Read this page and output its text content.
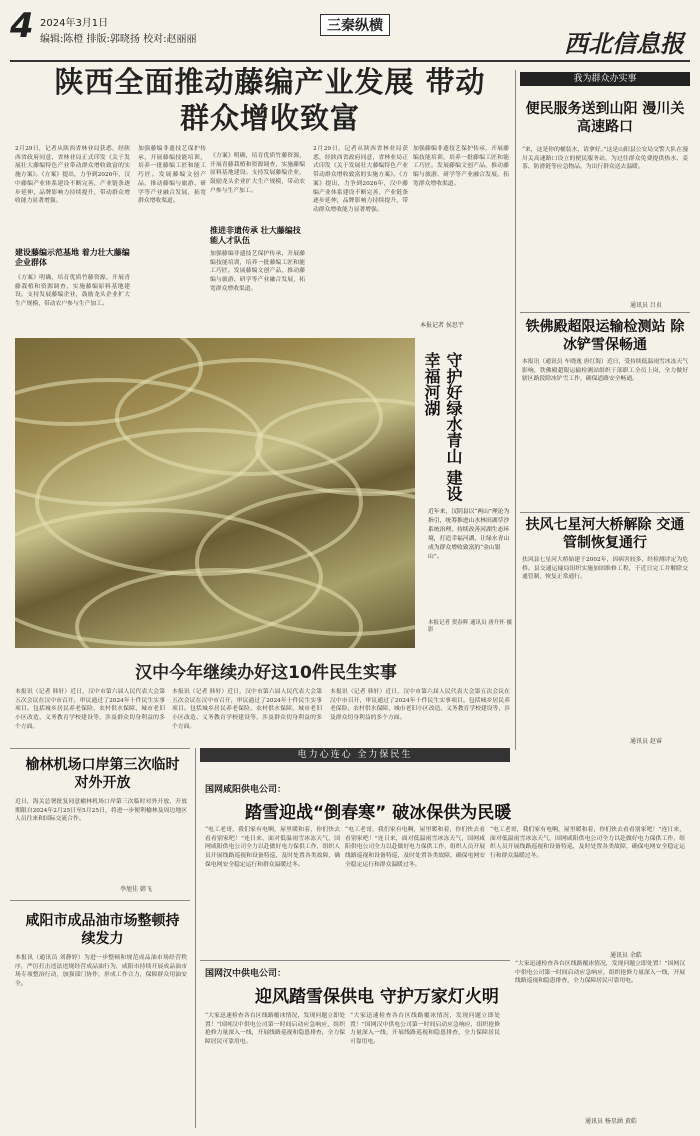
4 2024年3月1日
编辑:陈橙 排版:郭晓扬 校对:赵丽丽
三秦纵横
西北信息报
陕西全面推动藤编产业发展 带动群众增收致富
2月29日，记者从陕西省林业局获悉，经陕西省政府同意，省林业局正式印发《关于发展壮大藤编特色产业带动群众增收致富的实施方案》。《方案》提出，力争到2026年，汉中藤编产业体系建设不断完善，产业链条逐步延伸，品牌影响力持续提升，带动群众增收能力显著增强。
建设藤编示范基地 着力壮大藤编企业群体
《方案》明确，培育优质竹藤资源，开展青藤栽植和资源调查，实施藤编原料基地建设。支持发展藤编企业，鼓励龙头企业扩大生产规模，带动农户参与生产加工。
加强藤编非遗技艺保护传承，开展藤编技能培训，培养一批藤编工匠和能工巧匠。发展藤编文创产品，推动藤编与旅游、研学等产业融合发展，拓宽群众增收渠道。
推进非遗传承 壮大藤编技能人才队伍
《方案》明确，培育优质竹藤资源，开展青藤栽植和资源调查，实施藤编原料基地建设。支持发展藤编企业，鼓励龙头企业扩大生产规模，带动农户参与生产加工。
加强藤编非遗技艺保护传承，开展藤编技能培训，培养一批藤编工匠和能工巧匠。发展藤编文创产品，推动藤编与旅游、研学等产业融合发展，拓宽群众增收渠道。
2月29日，记者从陕西省林业局获悉，经陕西省政府同意，省林业局正式印发《关于发展壮大藤编特色产业带动群众增收致富的实施方案》。《方案》提出，力争到2026年，汉中藤编产业体系建设不断完善，产业链条逐步延伸，品牌影响力持续提升，带动群众增收能力显著增强。
加强藤编非遗技艺保护传承，开展藤编技能培训，培养一批藤编工匠和能工巧匠。发展藤编文创产品，推动藤编与旅游、研学等产业融合发展，拓宽群众增收渠道。
本报记者 侯思宇
守护好绿水青山 建设幸福河湖
近年来，汉阴县以“两山”理论为指引，统筹推进山水林田湖草沙系统治理，持续改善河湖生态环境，打造幸福河湖，让绿水青山成为群众增收致富的“金山银山”。
本报记者 贺春辉 通讯员 唐升怀 摄影
汉中今年继续办好这10件民生实事
本报讯（记者 韩轩）近日，汉中市第六届人民代表大会第五次会议在汉中市召开，审议通过了2024年十件民生实事项目。包括城乡居民养老保险、农村供水保障、城市老旧小区改造、义务教育学校建设等，涉及群众切身利益的多个方面。
本报讯（记者 韩轩）近日，汉中市第六届人民代表大会第五次会议在汉中市召开，审议通过了2024年十件民生实事项目。包括城乡居民养老保险、农村供水保障、城市老旧小区改造、义务教育学校建设等，涉及群众切身利益的多个方面。
本报讯（记者 韩轩）近日，汉中市第六届人民代表大会第五次会议在汉中市召开，审议通过了2024年十件民生实事项目。包括城乡居民养老保险、农村供水保障、城市老旧小区改造、义务教育学校建设等，涉及群众切身利益的多个方面。
榆林机场口岸第三次临时对外开放
近日，海关总署批复同意榆林机场口岸第三次临时对外开放，开放期限自2024年2月25日至5月25日，将进一步便利榆林及周边地区人员往来和国际交流合作。
李旭佳 韩飞
咸阳市成品油市场整顿持续发力
本报讯（通讯员 刘静婷）为进一步整顿和规范成品油市场经营秩序，严厉打击违法违规经营成品油行为，咸阳市持续开展成品油市场专项整治行动，加强部门协作，形成工作合力，保障群众用油安全。
电力心连心 全力保民生
国网咸阳供电公司：
踏雪迎战“倒春寒” 破冰保供为民暖
“电工老哥，我们家有电啊，屋里暖和着，你们快去看看别家吧！”连日来，面对低温雨雪冰冻天气，国网咸阳供电公司全力以赴做好电力保供工作，组织人员开展线路巡视和设备特巡，及时处置各类故障，确保电网安全稳定运行和群众温暖过冬。
“电工老哥，我们家有电啊，屋里暖和着，你们快去看看别家吧！”连日来，面对低温雨雪冰冻天气，国网咸阳供电公司全力以赴做好电力保供工作，组织人员开展线路巡视和设备特巡，及时处置各类故障，确保电网安全稳定运行和群众温暖过冬。
“电工老哥，我们家有电啊，屋里暖和着，你们快去看看别家吧！”连日来，面对低温雨雪冰冻天气，国网咸阳供电公司全力以赴做好电力保供工作，组织人员开展线路巡视和设备特巡，及时处置各类故障，确保电网安全稳定运行和群众温暖过冬。
通讯员 余皓
国网汉中供电公司：
迎风踏雪保供电 守护万家灯火明
“大家迅速检查各台区线路覆冰情况，发现问题立即处置！”国网汉中供电公司第一时间启动应急响应，组织抢修力量深入一线，开展线路巡视和隐患排查，全力保障居民可靠用电。
“大家迅速检查各台区线路覆冰情况，发现问题立即处置！”国网汉中供电公司第一时间启动应急响应，组织抢修力量深入一线，开展线路巡视和隐患排查，全力保障居民可靠用电。
“大家迅速检查各台区线路覆冰情况，发现问题立即处置！”国网汉中供电公司第一时间启动应急响应，组织抢修力量深入一线，开展线路巡视和隐患排查，全力保障居民可靠用电。
通讯员 杨星涵 黄皓
我为群众办实事
便民服务送到山阳 漫川关高速路口
“来，这是你的桶装水，请拿好。”这是山阳县公安局交警大队在漫川关高速路口设立的便民服务站，为过往群众免费提供热水、姜茶、防滑链等应急物品，为出行群众送去温暖。
通讯员 吕贞
铁佛殿超限运输检测站 除冰铲雪保畅通
本报讯（通讯员 车晓逸 唐红海）近日，受持续低温雨雪冰冻天气影响，铁佛殿超限运输检测站组织干部职工全员上岗，全力做好辖区路段除冰铲雪工作，确保道路安全畅通。
扶风七星河大桥解除 交通管制恢复通行
扶风县七星河大桥始建于2002年，因病害较多，经检测评定为危桥。县交通运输局组织实施加固维修工程，于近日完工并解除交通管制，恢复正常通行。
通讯员 赵睿
